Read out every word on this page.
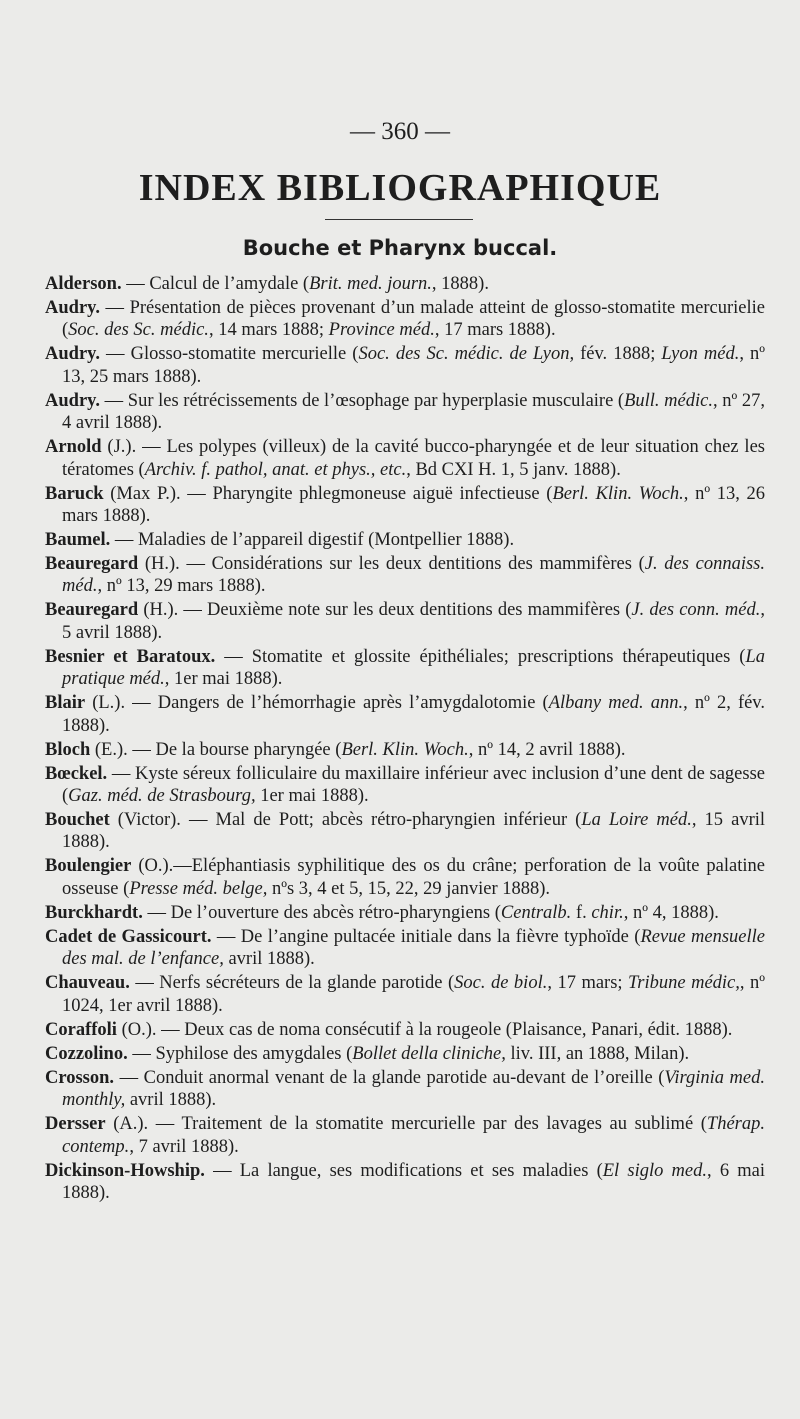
— 360 —
INDEX BIBLIOGRAPHIQUE
Bouche et Pharynx buccal.

Alderson. — Calcul de l’amydale (Brit. med. journ., 1888).

Audry. — Présentation de pièces provenant d’un malade atteint de glosso-stomatite mercurielie (Soc. des Sc. médic., 14 mars 1888; Province méd., 17 mars 1888).

Audry. — Glosso-stomatite mercurielle (Soc. des Sc. médic. de Lyon, fév. 1888; Lyon méd., nº 13, 25 mars 1888).

Audry. — Sur les rétrécissements de l’œsophage par hyperplasie musculaire (Bull. médic., nº 27, 4 avril 1888).

Arnold (J.). — Les polypes (villeux) de la cavité bucco-pharyngée et de leur situation chez les tératomes (Archiv. f. pathol, anat. et phys., etc., Bd CXI H. 1, 5 janv. 1888).

Baruck (Max P.). — Pharyngite phlegmoneuse aiguë infectieuse (Berl. Klin. Woch., nº 13, 26 mars 1888).

Baumel. — Maladies de l’appareil digestif (Montpellier 1888).

Beauregard (H.). — Considérations sur les deux dentitions des mammifères (J. des connaiss. méd., nº 13, 29 mars 1888).

Beauregard (H.). — Deuxième note sur les deux dentitions des mammifères (J. des conn. méd., 5 avril 1888).

Besnier et Baratoux. — Stomatite et glossite épithéliales; prescriptions thérapeutiques (La pratique méd., 1er mai 1888).

Blair (L.). — Dangers de l’hémorrhagie après l’amygdalotomie (Albany med. ann., nº 2, fév. 1888).

Bloch (E.). — De la bourse pharyngée (Berl. Klin. Woch., nº 14, 2 avril 1888).

Bœckel. — Kyste séreux folliculaire du maxillaire inférieur avec inclusion d’une dent de sagesse (Gaz. méd. de Strasbourg, 1er mai 1888).

Bouchet (Victor). — Mal de Pott; abcès rétro-pharyngien inférieur (La Loire méd., 15 avril 1888).

Boulengier (O.).—Eléphantiasis syphilitique des os du crâne; perforation de la voûte palatine osseuse (Presse méd. belge, nºs 3, 4 et 5, 15, 22, 29 janvier 1888).

Burckhardt. — De l’ouverture des abcès rétro-pharyngiens (Centralb. f. chir., nº 4, 1888).

Cadet de Gassicourt. — De l’angine pultacée initiale dans la fièvre typhoïde (Revue mensuelle des mal. de l’enfance, avril 1888).

Chauveau. — Nerfs sécréteurs de la glande parotide (Soc. de biol., 17 mars; Tribune médic,, nº 1024, 1er avril 1888).

Coraffoli (O.). — Deux cas de noma consécutif à la rougeole (Plaisance, Panari, édit. 1888).

Cozzolino. — Syphilose des amygdales (Bollet della cliniche, liv. III, an 1888, Milan).

Crosson. — Conduit anormal venant de la glande parotide au-devant de l’oreille (Virginia med. monthly, avril 1888).

Dersser (A.). — Traitement de la stomatite mercurielle par des lavages au sublimé (Thérap. contemp., 7 avril 1888).

Dickinson-Howship. — La langue, ses modifications et ses maladies (El siglo med., 6 mai 1888).
